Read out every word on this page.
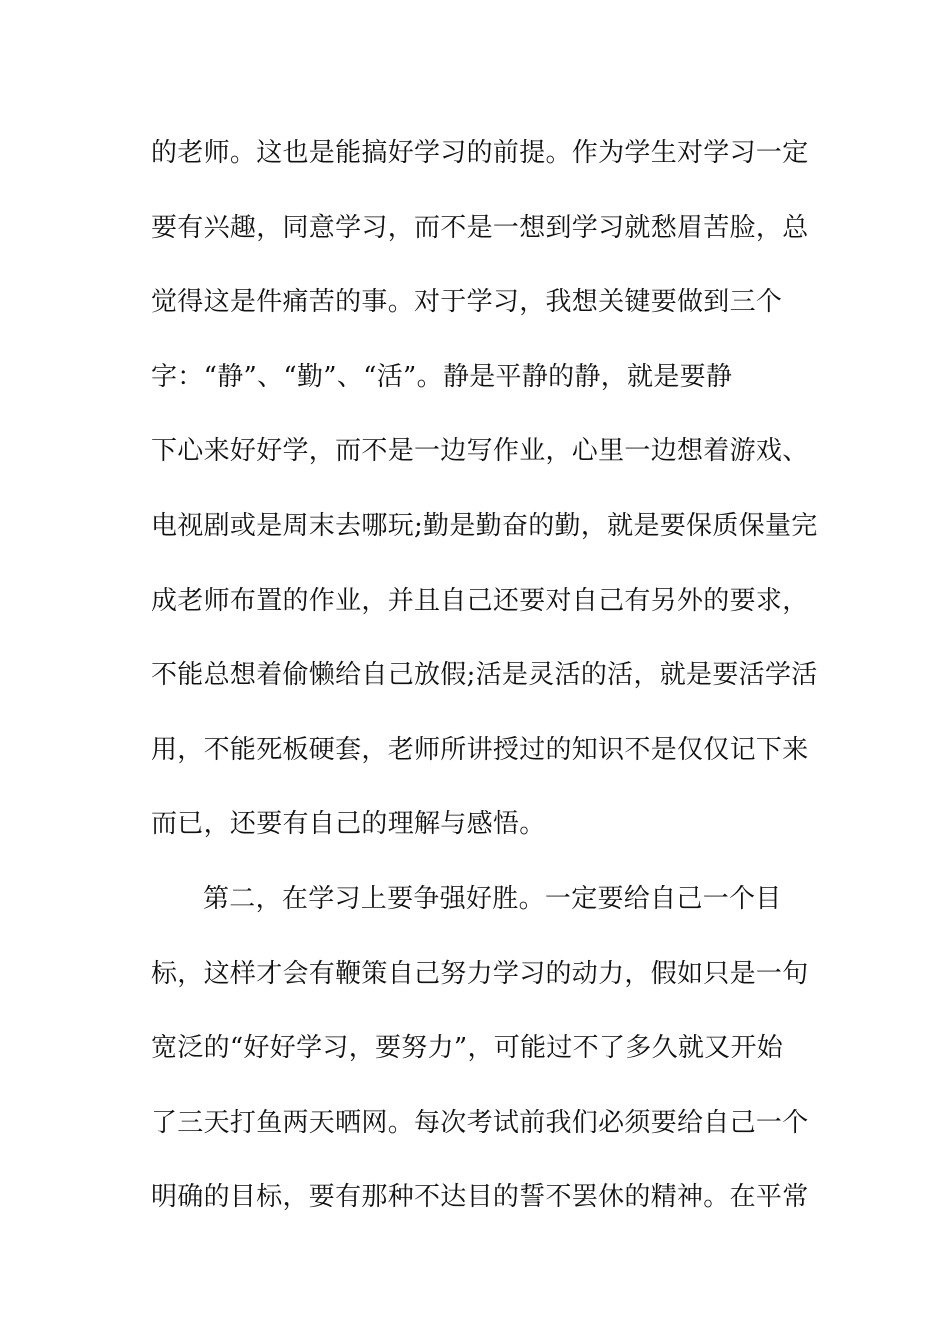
的老师。这也是能搞好学习的前提。作为学生对学习一定
要有兴趣，同意学习，而不是一想到学习就愁眉苦脸，总
觉得这是件痛苦的事。对于学习，我想关键要做到三个
字：“静”、“勤”、“活”。静是平静的静，就是要静
下心来好好学，而不是一边写作业，心里一边想着游戏、
电视剧或是周末去哪玩;勤是勤奋的勤，就是要保质保量完
成老师布置的作业，并且自己还要对自己有另外的要求，
不能总想着偷懒给自己放假;活是灵活的活，就是要活学活
用，不能死板硬套，老师所讲授过的知识不是仅仅记下来
而已，还要有自己的理解与感悟。
第二，在学习上要争强好胜。一定要给自己一个目
标，这样才会有鞭策自己努力学习的动力，假如只是一句
宽泛的“好好学习，要努力”，可能过不了多久就又开始
了三天打鱼两天晒网。每次考试前我们必须要给自己一个
明确的目标，要有那种不达目的誓不罢休的精神。在平常
